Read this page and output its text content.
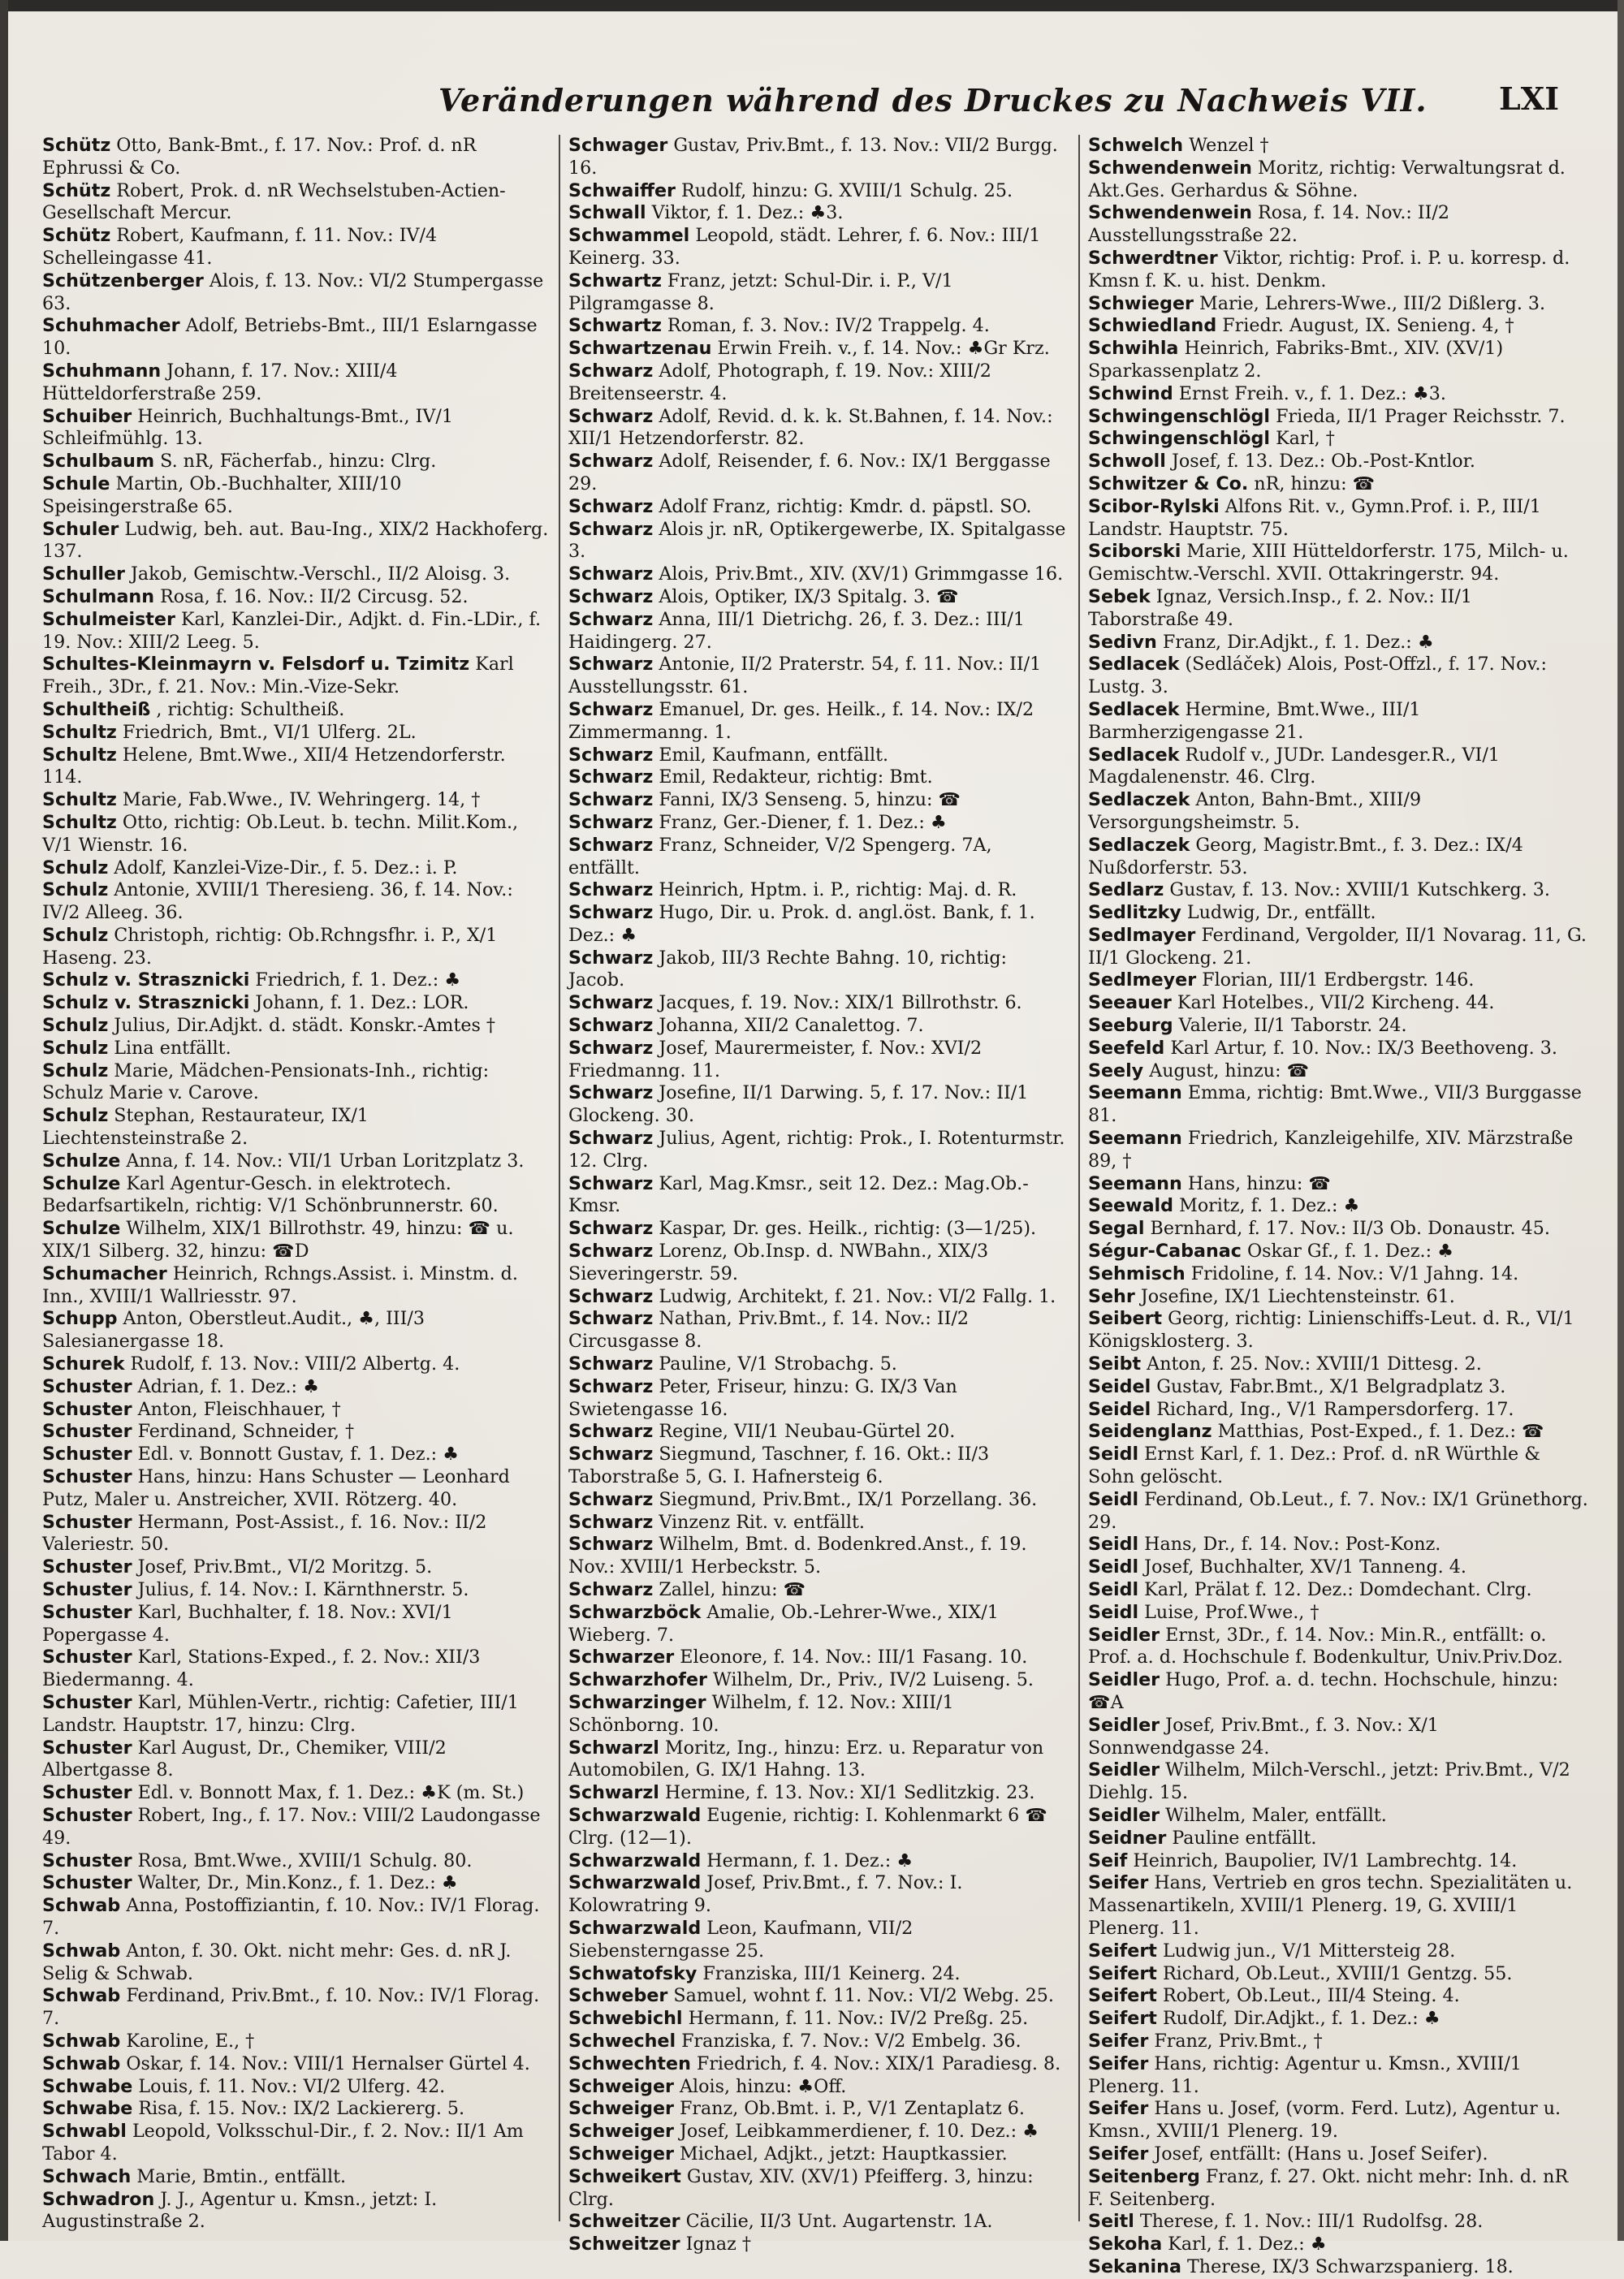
Veränderungen während des Druckes zu Nachweis VII. LXI
Schütz Otto, Bank-Bmt., f. 17. Nov.: Prof. d. nR Ephrussi & Co.
Schütz Robert, Prok. d. nR Wechselstuben-Actien-Gesellschaft Mercur.
Schütz Robert, Kaufmann, f. 11. Nov.: IV/4 Schelleingasse 41.
Schützenberger Alois, f. 13. Nov.: VI/2 Stumpergasse 63.
Schuhmacher Adolf, Betriebs-Bmt., III/1 Eslarngasse 10.
Schuhmann Johann, f. 17. Nov.: XIII/4 Hütteldorferstraße 259.
Schuiber Heinrich, Buchhaltungs-Bmt., IV/1 Schleifmühlg. 13.
Schulbaum S. nR, Fächerfab., hinzu: Clrg.
Schule Martin, Ob.-Buchhalter, XIII/10 Speisingerstraße 65.
Schuler Ludwig, beh. aut. Bau-Ing., XIX/2 Hackhoferg. 137.
Schuller Jakob, Gemischtw.-Verschl., II/2 Aloisg. 3.
Schulmann Rosa, f. 16. Nov.: II/2 Circusg. 52.
Schulmeister Karl, Kanzlei-Dir., Adjkt. d. Fin.-LDir., f. 19. Nov.: XIII/2 Leeg. 5.
Schultes-Kleinmayrn v. Felsdorf u. Tzimitz Karl Freih., 3Dr., f. 21. Nov.: Min.-Vize-Sekr.
Schultheiß , richtig: Schultheiß.
Schultz Friedrich, Bmt., VI/1 Ulferg. 2L.
Schultz Helene, Bmt.Wwe., XII/4 Hetzendorferstr. 114.
Schultz Marie, Fab.Wwe., IV. Wehringerg. 14, †
Schultz Otto, richtig: Ob.Leut. b. techn. Milit.Kom., V/1 Wienstr. 16.
Schulz Adolf, Kanzlei-Vize-Dir., f. 5. Dez.: i. P.
Schulz Antonie, XVIII/1 Theresieng. 36, f. 14. Nov.: IV/2 Alleeg. 36.
Schulz Christoph, richtig: Ob.Rchngsfhr. i. P., X/1 Haseng. 23.
Schulz v. Strasznicki Friedrich, f. 1. Dez.: ♣
Schulz v. Strasznicki Johann, f. 1. Dez.: LOR.
Schulz Julius, Dir.Adjkt. d. städt. Konskr.-Amtes †
Schulz Lina entfällt.
Schulz Marie, Mädchen-Pensionats-Inh., richtig: Schulz Marie v. Carove.
Schulz Stephan, Restaurateur, IX/1 Liechtensteinstraße 2.
Schulze Anna, f. 14. Nov.: VII/1 Urban Loritzplatz 3.
Schulze Karl Agentur-Gesch. in elektrotech. Bedarfsartikeln, richtig: V/1 Schönbrunnerstr. 60.
Schulze Wilhelm, XIX/1 Billrothstr. 49, hinzu: ☎ u. XIX/1 Silberg. 32, hinzu: ☎D
Schumacher Heinrich, Rchngs.Assist. i. Minstm. d. Inn., XVIII/1 Wallriesstr. 97.
Schupp Anton, Oberstleut.Audit., ♣, III/3 Salesianergasse 18.
Schurek Rudolf, f. 13. Nov.: VIII/2 Albertg. 4.
Schuster Adrian, f. 1. Dez.: ♣
Schuster Anton, Fleischhauer, †
Schuster Ferdinand, Schneider, †
Schuster Edl. v. Bonnott Gustav, f. 1. Dez.: ♣
Schuster Hans, hinzu: Hans Schuster — Leonhard Putz, Maler u. Anstreicher, XVII. Rötzerg. 40.
Schuster Hermann, Post-Assist., f. 16. Nov.: II/2 Valeriestr. 50.
Schuster Josef, Priv.Bmt., VI/2 Moritzg. 5.
Schuster Julius, f. 14. Nov.: I. Kärnthnerstr. 5.
Schuster Karl, Buchhalter, f. 18. Nov.: XVI/1 Popergasse 4.
Schuster Karl, Stations-Exped., f. 2. Nov.: XII/3 Biedermanng. 4.
Schuster Karl, Mühlen-Vertr., richtig: Cafetier, III/1 Landstr. Hauptstr. 17, hinzu: Clrg.
Schuster Karl August, Dr., Chemiker, VIII/2 Albertgasse 8.
Schuster Edl. v. Bonnott Max, f. 1. Dez.: ♣K (m. St.)
Schuster Robert, Ing., f. 17. Nov.: VIII/2 Laudongasse 49.
Schuster Rosa, Bmt.Wwe., XVIII/1 Schulg. 80.
Schuster Walter, Dr., Min.Konz., f. 1. Dez.: ♣
Schwab Anna, Postoffiziantin, f. 10. Nov.: IV/1 Florag. 7.
Schwab Anton, f. 30. Okt. nicht mehr: Ges. d. nR J. Selig & Schwab.
Schwab Ferdinand, Priv.Bmt., f. 10. Nov.: IV/1 Florag. 7.
Schwab Karoline, E., †
Schwab Oskar, f. 14. Nov.: VIII/1 Hernalser Gürtel 4.
Schwabe Louis, f. 11. Nov.: VI/2 Ulferg. 42.
Schwabe Risa, f. 15. Nov.: IX/2 Lackiererg. 5.
Schwabl Leopold, Volksschul-Dir., f. 2. Nov.: II/1 Am Tabor 4.
Schwach Marie, Bmtin., entfällt.
Schwadron J. J., Agentur u. Kmsn., jetzt: I. Augustinstraße 2.
Schwager Gustav, Priv.Bmt., f. 13. Nov.: VII/2 Burgg. 16.
Schwaiffer Rudolf, hinzu: G. XVIII/1 Schulg. 25.
Schwall Viktor, f. 1. Dez.: ♣3.
Schwammel Leopold, städt. Lehrer, f. 6. Nov.: III/1 Keinerg. 33.
Schwartz Franz, jetzt: Schul-Dir. i. P., V/1 Pilgramgasse 8.
Schwartz Roman, f. 3. Nov.: IV/2 Trappelg. 4.
Schwartzenau Erwin Freih. v., f. 14. Nov.: ♣Gr Krz.
Schwarz Adolf, Photograph, f. 19. Nov.: XIII/2 Breitenseerstr. 4.
Schwarz Adolf, Revid. d. k. k. St.Bahnen, f. 14. Nov.: XII/1 Hetzendorferstr. 82.
Schwarz Adolf, Reisender, f. 6. Nov.: IX/1 Berggasse 29.
Schwarz Adolf Franz, richtig: Kmdr. d. päpstl. SO.
Schwarz Alois jr. nR, Optikergewerbe, IX. Spitalgasse 3.
Schwarz Alois, Priv.Bmt., XIV. (XV/1) Grimmgasse 16.
Schwarz Alois, Optiker, IX/3 Spitalg. 3. ☎
Schwarz Anna, III/1 Dietrichg. 26, f. 3. Dez.: III/1 Haidingerg. 27.
Schwarz Antonie, II/2 Praterstr. 54, f. 11. Nov.: II/1 Ausstellungsstr. 61.
Schwarz Emanuel, Dr. ges. Heilk., f. 14. Nov.: IX/2 Zimmermanng. 1.
Schwarz Emil, Kaufmann, entfällt.
Schwarz Emil, Redakteur, richtig: Bmt.
Schwarz Fanni, IX/3 Senseng. 5, hinzu: ☎
Schwarz Franz, Ger.-Diener, f. 1. Dez.: ♣
Schwarz Franz, Schneider, V/2 Spengerg. 7A, entfällt.
Schwarz Heinrich, Hptm. i. P., richtig: Maj. d. R.
Schwarz Hugo, Dir. u. Prok. d. angl.öst. Bank, f. 1. Dez.: ♣
Schwarz Jakob, III/3 Rechte Bahng. 10, richtig: Jacob.
Schwarz Jacques, f. 19. Nov.: XIX/1 Billrothstr. 6.
Schwarz Johanna, XII/2 Canalettog. 7.
Schwarz Josef, Maurermeister, f. Nov.: XVI/2 Friedmanng. 11.
Schwarz Josefine, II/1 Darwing. 5, f. 17. Nov.: II/1 Glockeng. 30.
Schwarz Julius, Agent, richtig: Prok., I. Rotenturmstr. 12. Clrg.
Schwarz Karl, Mag.Kmsr., seit 12. Dez.: Mag.Ob.-Kmsr.
Schwarz Kaspar, Dr. ges. Heilk., richtig: (3—1/25).
Schwarz Lorenz, Ob.Insp. d. NWBahn., XIX/3 Sieveringerstr. 59.
Schwarz Ludwig, Architekt, f. 21. Nov.: VI/2 Fallg. 1.
Schwarz Nathan, Priv.Bmt., f. 14. Nov.: II/2 Circusgasse 8.
Schwarz Pauline, V/1 Strobachg. 5.
Schwarz Peter, Friseur, hinzu: G. IX/3 Van Swietengasse 16.
Schwarz Regine, VII/1 Neubau-Gürtel 20.
Schwarz Siegmund, Taschner, f. 16. Okt.: II/3 Taborstraße 5, G. I. Hafnersteig 6.
Schwarz Siegmund, Priv.Bmt., IX/1 Porzellang. 36.
Schwarz Vinzenz Rit. v. entfällt.
Schwarz Wilhelm, Bmt. d. Bodenkred.Anst., f. 19. Nov.: XVIII/1 Herbeckstr. 5.
Schwarz Zallel, hinzu: ☎
Schwarzböck Amalie, Ob.-Lehrer-Wwe., XIX/1 Wieberg. 7.
Schwarzer Eleonore, f. 14. Nov.: III/1 Fasang. 10.
Schwarzhofer Wilhelm, Dr., Priv., IV/2 Luiseng. 5.
Schwarzinger Wilhelm, f. 12. Nov.: XIII/1 Schönborng. 10.
Schwarzl Moritz, Ing., hinzu: Erz. u. Reparatur von Automobilen, G. IX/1 Hahng. 13.
Schwarzl Hermine, f. 13. Nov.: XI/1 Sedlitzkig. 23.
Schwarzwald Eugenie, richtig: I. Kohlenmarkt 6 ☎ Clrg. (12—1).
Schwarzwald Hermann, f. 1. Dez.: ♣
Schwarzwald Josef, Priv.Bmt., f. 7. Nov.: I. Kolowratring 9.
Schwarzwald Leon, Kaufmann, VII/2 Siebensterngasse 25.
Schwatofsky Franziska, III/1 Keinerg. 24.
Schweber Samuel, wohnt f. 11. Nov.: VI/2 Webg. 25.
Schwebichl Hermann, f. 11. Nov.: IV/2 Preßg. 25.
Schwechel Franziska, f. 7. Nov.: V/2 Embelg. 36.
Schwechten Friedrich, f. 4. Nov.: XIX/1 Paradiesg. 8.
Schweiger Alois, hinzu: ♣Off.
Schweiger Franz, Ob.Bmt. i. P., V/1 Zentaplatz 6.
Schweiger Josef, Leibkammerdiener, f. 10. Dez.: ♣
Schweiger Michael, Adjkt., jetzt: Hauptkassier.
Schweikert Gustav, XIV. (XV/1) Pfeifferg. 3, hinzu: Clrg.
Schweitzer Cäcilie, II/3 Unt. Augartenstr. 1A.
Schweitzer Ignaz †
Schwelch Wenzel †
Schwendenwein Moritz, richtig: Verwaltungsrat d. Akt.Ges. Gerhardus & Söhne.
Schwendenwein Rosa, f. 14. Nov.: II/2 Ausstellungsstraße 22.
Schwerdtner Viktor, richtig: Prof. i. P. u. korresp. d. Kmsn f. K. u. hist. Denkm.
Schwieger Marie, Lehrers-Wwe., III/2 Dißlerg. 3.
Schwiedland Friedr. August, IX. Senieng. 4, †
Schwihla Heinrich, Fabriks-Bmt., XIV. (XV/1) Sparkassenplatz 2.
Schwind Ernst Freih. v., f. 1. Dez.: ♣3.
Schwingenschlögl Frieda, II/1 Prager Reichsstr. 7.
Schwingenschlögl Karl, †
Schwoll Josef, f. 13. Dez.: Ob.-Post-Kntlor.
Schwitzer & Co. nR, hinzu: ☎
Scibor-Rylski Alfons Rit. v., Gymn.Prof. i. P., III/1 Landstr. Hauptstr. 75.
Sciborski Marie, XIII Hütteldorferstr. 175, Milch- u. Gemischtw.-Verschl. XVII. Ottakringerstr. 94.
Sebek Ignaz, Versich.Insp., f. 2. Nov.: II/1 Taborstraße 49.
Sedivn Franz, Dir.Adjkt., f. 1. Dez.: ♣
Sedlacek (Sedláček) Alois, Post-Offzl., f. 17. Nov.: Lustg. 3.
Sedlacek Hermine, Bmt.Wwe., III/1 Barmherzigengasse 21.
Sedlacek Rudolf v., JUDr. Landesger.R., VI/1 Magdalenenstr. 46. Clrg.
Sedlaczek Anton, Bahn-Bmt., XIII/9 Versorgungsheimstr. 5.
Sedlaczek Georg, Magistr.Bmt., f. 3. Dez.: IX/4 Nußdorferstr. 53.
Sedlarz Gustav, f. 13. Nov.: XVIII/1 Kutschkerg. 3.
Sedlitzky Ludwig, Dr., entfällt.
Sedlmayer Ferdinand, Vergolder, II/1 Novarag. 11, G. II/1 Glockeng. 21.
Sedlmeyer Florian, III/1 Erdbergstr. 146.
Seeauer Karl Hotelbes., VII/2 Kircheng. 44.
Seeburg Valerie, II/1 Taborstr. 24.
Seefeld Karl Artur, f. 10. Nov.: IX/3 Beethoveng. 3.
Seely August, hinzu: ☎
Seemann Emma, richtig: Bmt.Wwe., VII/3 Burggasse 81.
Seemann Friedrich, Kanzleigehilfe, XIV. Märzstraße 89, †
Seemann Hans, hinzu: ☎
Seewald Moritz, f. 1. Dez.: ♣
Segal Bernhard, f. 17. Nov.: II/3 Ob. Donaustr. 45.
Ségur-Cabanac Oskar Gf., f. 1. Dez.: ♣
Sehmisch Fridoline, f. 14. Nov.: V/1 Jahng. 14.
Sehr Josefine, IX/1 Liechtensteinstr. 61.
Seibert Georg, richtig: Linienschiffs-Leut. d. R., VI/1 Königsklosterg. 3.
Seibt Anton, f. 25. Nov.: XVIII/1 Dittesg. 2.
Seidel Gustav, Fabr.Bmt., X/1 Belgradplatz 3.
Seidel Richard, Ing., V/1 Rampersdorferg. 17.
Seidenglanz Matthias, Post-Exped., f. 1. Dez.: ☎
Seidl Ernst Karl, f. 1. Dez.: Prof. d. nR Würthle & Sohn gelöscht.
Seidl Ferdinand, Ob.Leut., f. 7. Nov.: IX/1 Grünethorg. 29.
Seidl Hans, Dr., f. 14. Nov.: Post-Konz.
Seidl Josef, Buchhalter, XV/1 Tanneng. 4.
Seidl Karl, Prälat f. 12. Dez.: Domdechant. Clrg.
Seidl Luise, Prof.Wwe., †
Seidler Ernst, 3Dr., f. 14. Nov.: Min.R., entfällt: o. Prof. a. d. Hochschule f. Bodenkultur, Univ.Priv.Doz.
Seidler Hugo, Prof. a. d. techn. Hochschule, hinzu: ☎A
Seidler Josef, Priv.Bmt., f. 3. Nov.: X/1 Sonnwendgasse 24.
Seidler Wilhelm, Milch-Verschl., jetzt: Priv.Bmt., V/2 Diehlg. 15.
Seidler Wilhelm, Maler, entfällt.
Seidner Pauline entfällt.
Seif Heinrich, Baupolier, IV/1 Lambrechtg. 14.
Seifer Hans, Vertrieb en gros techn. Spezialitäten u. Massenartikeln, XVIII/1 Plenerg. 19, G. XVIII/1 Plenerg. 11.
Seifert Ludwig jun., V/1 Mittersteig 28.
Seifert Richard, Ob.Leut., XVIII/1 Gentzg. 55.
Seifert Robert, Ob.Leut., III/4 Steing. 4.
Seifert Rudolf, Dir.Adjkt., f. 1. Dez.: ♣
Seifer Franz, Priv.Bmt., †
Seifer Hans, richtig: Agentur u. Kmsn., XVIII/1 Plenerg. 11.
Seifer Hans u. Josef, (vorm. Ferd. Lutz), Agentur u. Kmsn., XVIII/1 Plenerg. 19.
Seifer Josef, entfällt: (Hans u. Josef Seifer).
Seitenberg Franz, f. 27. Okt. nicht mehr: Inh. d. nR F. Seitenberg.
Seitl Therese, f. 1. Nov.: III/1 Rudolfsg. 28.
Sekoha Karl, f. 1. Dez.: ♣
Sekanina Therese, IX/3 Schwarzspanierg. 18.
